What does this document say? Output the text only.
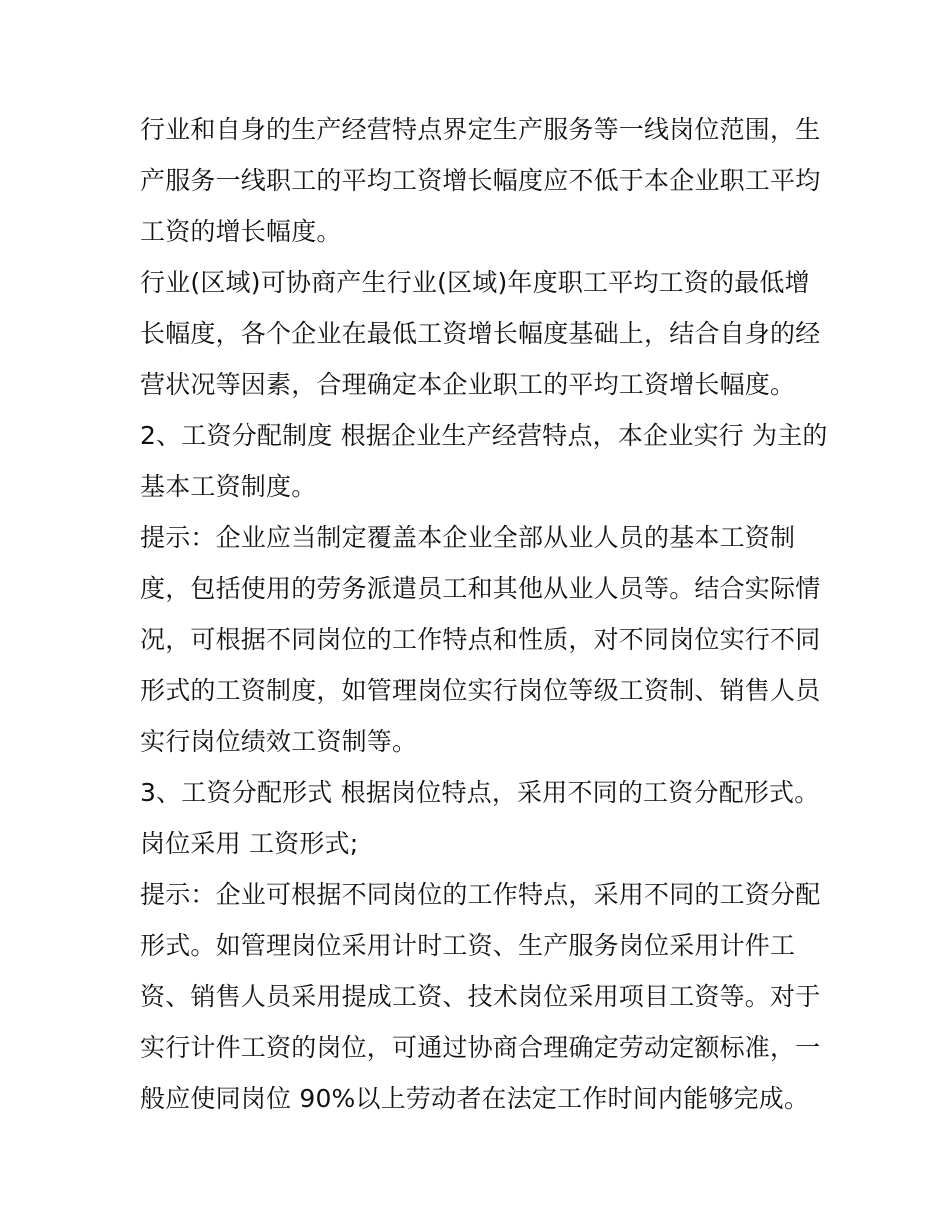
行业和自身的生产经营特点界定生产服务等一线岗位范围，生
产服务一线职工的平均工资增长幅度应不低于本企业职工平均
工资的增长幅度。
行业(区域)可协商产生行业(区域)年度职工平均工资的最低增
长幅度，各个企业在最低工资增长幅度基础上，结合自身的经
营状况等因素，合理确定本企业职工的平均工资增长幅度。
2、工资分配制度 根据企业生产经营特点，本企业实行 为主的
基本工资制度。
提示：企业应当制定覆盖本企业全部从业人员的基本工资制
度，包括使用的劳务派遣员工和其他从业人员等。结合实际情
况，可根据不同岗位的工作特点和性质，对不同岗位实行不同
形式的工资制度，如管理岗位实行岗位等级工资制、销售人员
实行岗位绩效工资制等。
3、工资分配形式 根据岗位特点，采用不同的工资分配形式。
岗位采用 工资形式;
提示：企业可根据不同岗位的工作特点，采用不同的工资分配
形式。如管理岗位采用计时工资、生产服务岗位采用计件工
资、销售人员采用提成工资、技术岗位采用项目工资等。对于
实行计件工资的岗位，可通过协商合理确定劳动定额标准，一
般应使同岗位 90%以上劳动者在法定工作时间内能够完成。
